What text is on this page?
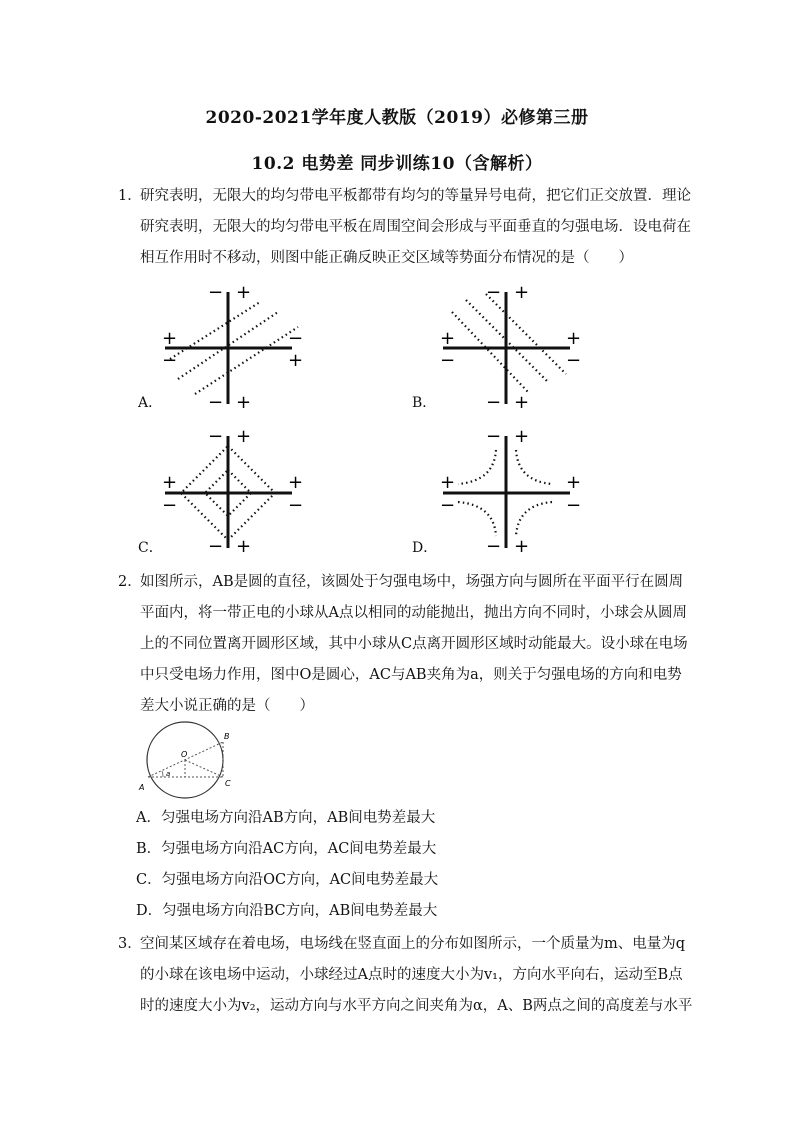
2020-2021学年度人教版（2019）必修第三册
10.2 电势差 同步训练10（含解析）
1．
研究表明，无限大的均匀带电平板都带有均匀的等量异号电荷，把它们正交放置．理论
研究表明，无限大的均匀带电平板在周围空间会形成与平面垂直的匀强电场．设电荷在
相互作用时不移动，则图中能正确反映正交区域等势面分布情况的是（　　）
− +
+
−
−
+
− +
A．
− +
+
−
+
−
− +
B．
− +
+
−
+
−
− +
C．
− +
+
−
+
−
− +
D．
2．
如图所示，AB是圆的直径，该圆处于匀强电场中，场强方向与圆所在平面平行在圆周
平面内，将一带正电的小球从A点以相同的动能抛出，抛出方向不同时，小球会从圆周
上的不同位置离开圆形区域，其中小球从C点离开圆形区域时动能最大。设小球在电场
中只受电场力作用，图中O是圆心，AC与AB夹角为a，则关于匀强电场的方向和电势
差大小说正确的是（　　）
A
B
C
O
a
A．匀强电场方向沿AB方向，AB间电势差最大
B．匀强电场方向沿AC方向，AC间电势差最大
C．匀强电场方向沿OC方向，AC间电势差最大
D．匀强电场方向沿BC方向，AB间电势差最大
3．
空间某区域存在着电场，电场线在竖直面上的分布如图所示，一个质量为m、电量为q
的小球在该电场中运动，小球经过A点时的速度大小为v₁，方向水平向右，运动至B点
时的速度大小为v₂，运动方向与水平方向之间夹角为α，A、B两点之间的高度差与水平
